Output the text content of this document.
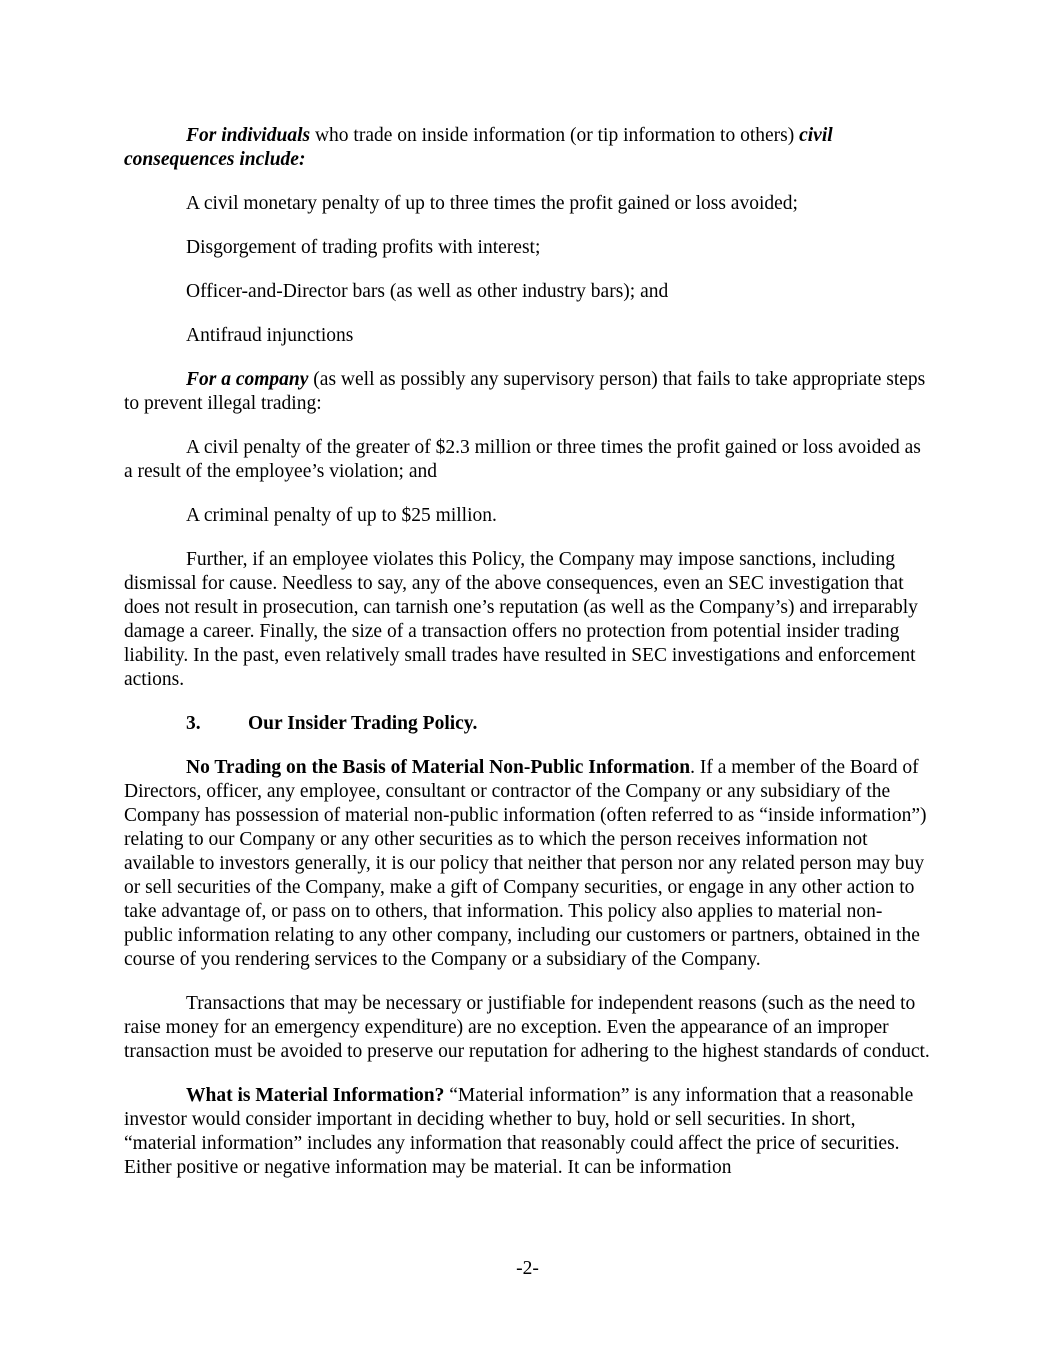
For individuals who trade on inside information (or tip information to others) civil consequences include:

A civil monetary penalty of up to three times the profit gained or loss avoided;

Disgorgement of trading profits with interest;

Officer-and-Director bars (as well as other industry bars); and

Antifraud injunctions

For a company (as well as possibly any supervisory person) that fails to take appropriate steps to prevent illegal trading:

A civil penalty of the greater of $2.3 million or three times the profit gained or loss avoided as a result of the employee’s violation; and

A criminal penalty of up to $25 million.

Further, if an employee violates this Policy, the Company may impose sanctions, including dismissal for cause. Needless to say, any of the above consequences, even an SEC investigation that does not result in prosecution, can tarnish one’s reputation (as well as the Company’s) and irreparably damage a career. Finally, the size of a transaction offers no protection from potential insider trading liability. In the past, even relatively small trades have resulted in SEC investigations and enforcement actions.

3. Our Insider Trading Policy.

No Trading on the Basis of Material Non-Public Information. If a member of the Board of Directors, officer, any employee, consultant or contractor of the Company or any subsidiary of the Company has possession of material non-public information (often referred to as “inside information”) relating to our Company or any other securities as to which the person receives information not available to investors generally, it is our policy that neither that person nor any related person may buy or sell securities of the Company, make a gift of Company securities, or engage in any other action to take advantage of, or pass on to others, that information. This policy also applies to material non-public information relating to any other company, including our customers or partners, obtained in the course of you rendering services to the Company or a subsidiary of the Company.

Transactions that may be necessary or justifiable for independent reasons (such as the need to raise money for an emergency expenditure) are no exception. Even the appearance of an improper transaction must be avoided to preserve our reputation for adhering to the highest standards of conduct.

What is Material Information? “Material information” is any information that a reasonable investor would consider important in deciding whether to buy, hold or sell securities. In short, “material information” includes any information that reasonably could affect the price of securities. Either positive or negative information may be material. It can be information

-2-
